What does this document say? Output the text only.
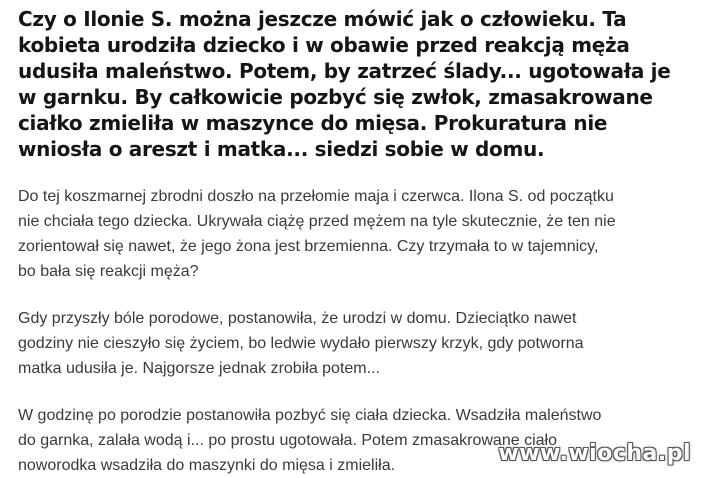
Czy o Ilonie S. można jeszcze mówić jak o człowieku. Ta
kobieta urodziła dziecko i w obawie przed reakcją męża
udusiła maleństwo. Potem, by zatrzeć ślady... ugotowała je
w garnku. By całkowicie pozbyć się zwłok, zmasakrowane
ciałko zmieliła w maszynce do mięsa. Prokuratura nie
wniosła o areszt i matka... siedzi sobie w domu.

Do tej koszmarnej zbrodni doszło na przełomie maja i czerwca. Ilona S. od początku
nie chciała tego dziecka. Ukrywała ciążę przed mężem na tyle skutecznie, że ten nie
zorientował się nawet, że jego żona jest brzemienna. Czy trzymała to w tajemnicy,
bo bała się reakcji męża?

Gdy przyszły bóle porodowe, postanowiła, że urodzi w domu. Dzieciątko nawet
godziny nie cieszyło się życiem, bo ledwie wydało pierwszy krzyk, gdy potworna
matka udusiła je. Najgorsze jednak zrobiła potem...

W godzinę po porodzie postanowiła pozbyć się ciała dziecka. Wsadziła maleństwo
do garnka, zalała wodą i... po prostu ugotowała. Potem zmasakrowane ciało
noworodka wsadziła do maszynki do mięsa i zmieliła.	www.wiocha.pl
